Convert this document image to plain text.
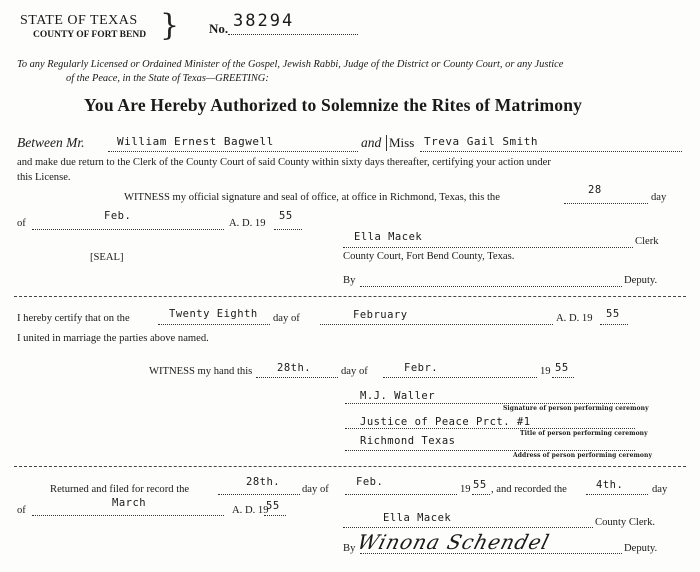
STATE OF TEXAS
COUNTY OF FORT BEND } No. 38294
To any Regularly Licensed or Ordained Minister of the Gospel, Jewish Rabbi, Judge of the District or County Court, or any Justice
of the Peace, in the State of Texas—GREETING:
You Are Hereby Authorized to Solemnize the Rites of Matrimony
Between Mr.	William Ernest Bagwell	and Miss Treva Gail Smith
and make due return to the Clerk of the County Court of said County within sixty days thereafter, certifying your action under
this License.
WITNESS my official signature and seal of office, at office in Richmond, Texas, this the
28
day
of
Feb.
A. D. 19
55
Ella Macek	Clerk
[SEAL]	County Court, Fort Bend County, Texas.
By	Deputy.
I hereby certify that on the	Twenty Eighth day of	February	A. D. 19 55
I united in marriage the parties above named.
WITNESS my hand this 28th.	day of	Febr.	19 55
M.J. Waller
Signature of person performing ceremony
Justice of Peace Prct. #1
Title of person performing ceremony
Richmond Texas
Address of person performing ceremony
Returned and filed for record the
28th.
day of
Feb.
19 55 , and recorded the	4th.	day
of
March
A. D. 19
55
Ella Macek	County Clerk.
By Winona Schendel	Deputy.
